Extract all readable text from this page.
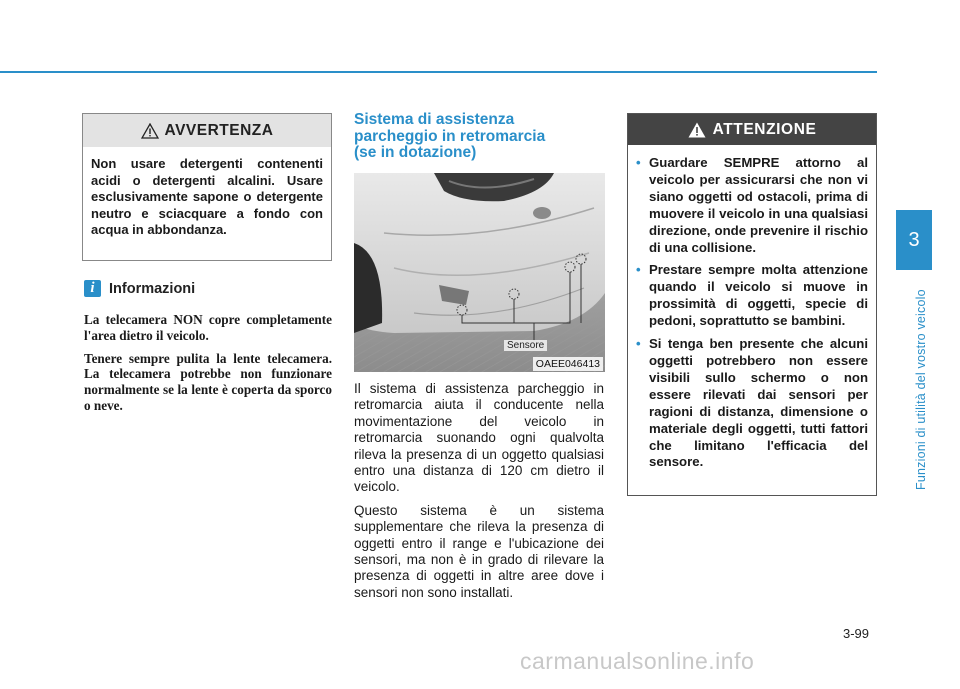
AVVERTENZA
Non usare detergenti contenenti acidi o detergenti alcalini. Usare esclusivamente sapone o detergente neutro e sciacquare a fondo con acqua in abbondanza.
i Informazioni

La telecamera NON copre completamente l'area dietro il veicolo.

Tenere sempre pulita la lente telecamera. La telecamera potrebbe non funzionare normalmente se la lente è coperta da sporco o neve.

Sistema di assistenza
parcheggio in retromarcia
(se in dotazione)
Sensore
OAEE046413

Il sistema di assistenza parcheggio in retromarcia aiuta il conducente nella movimentazione del veicolo in retromarcia suonando ogni qualvolta rileva la presenza di un oggetto qualsiasi entro una distanza di 120 cm dietro il veicolo.

Questo sistema è un sistema supplementare che rileva la presenza di oggetti entro il range e l'ubicazione dei sensori, ma non è in grado di rilevare la presenza di oggetti in altre aree dove i sensori non sono installati.

ATTENZIONE
• Guardare SEMPRE attorno al veicolo per assicurarsi che non vi siano oggetti od ostacoli, prima di muovere il veicolo in una qualsiasi direzione, onde prevenire il rischio di una collisione.
• Prestare sempre molta attenzione quando il veicolo si muove in prossimità di oggetti, specie di pedoni, soprattutto se bambini.
• Si tenga ben presente che alcuni oggetti potrebbero non essere visibili sullo schermo o non essere rilevati dai sensori per ragioni di distanza, dimensione o materiale degli oggetti, tutti fattori che limitano l'efficacia del sensore.
3
Funzioni di utilità del vostro veicolo
3-99
carmanualsonline.info
